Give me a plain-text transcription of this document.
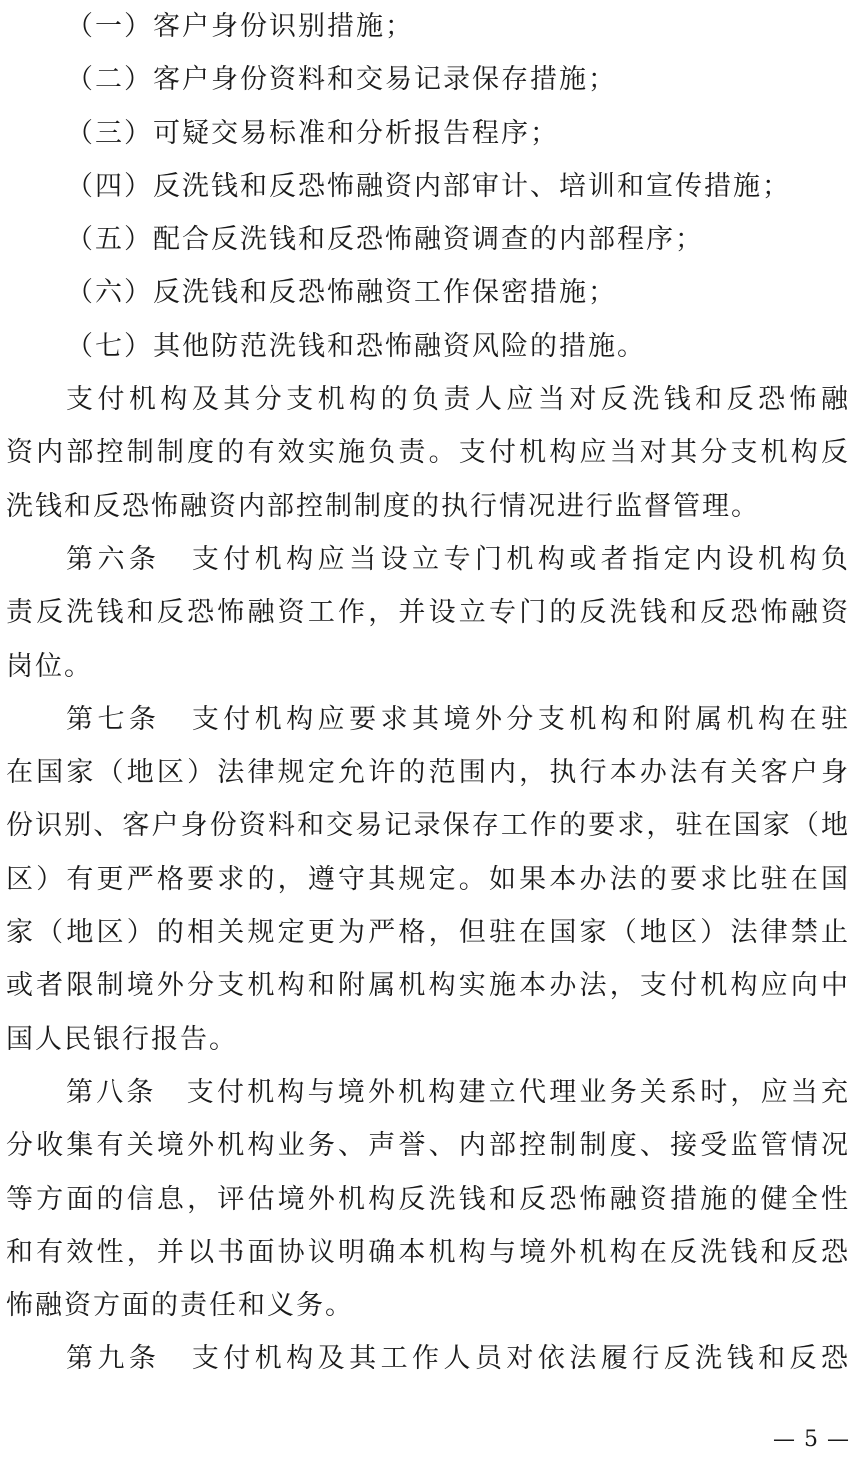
（一）客户身份识别措施；
（二）客户身份资料和交易记录保存措施；
（三）可疑交易标准和分析报告程序；
（四）反洗钱和反恐怖融资内部审计、培训和宣传措施；
（五）配合反洗钱和反恐怖融资调查的内部程序；
（六）反洗钱和反恐怖融资工作保密措施；
（七）其他防范洗钱和恐怖融资风险的措施。
支付机构及其分支机构的负责人应当对反洗钱和反恐怖融
资内部控制制度的有效实施负责。支付机构应当对其分支机构反
洗钱和反恐怖融资内部控制制度的执行情况进行监督管理。
第六条　支付机构应当设立专门机构或者指定内设机构负
责反洗钱和反恐怖融资工作，并设立专门的反洗钱和反恐怖融资
岗位。
第七条　支付机构应要求其境外分支机构和附属机构在驻
在国家（地区）法律规定允许的范围内，执行本办法有关客户身
份识别、客户身份资料和交易记录保存工作的要求，驻在国家（地
区）有更严格要求的，遵守其规定。如果本办法的要求比驻在国
家（地区）的相关规定更为严格，但驻在国家（地区）法律禁止
或者限制境外分支机构和附属机构实施本办法，支付机构应向中
国人民银行报告。
第八条　支付机构与境外机构建立代理业务关系时，应当充
分收集有关境外机构业务、声誉、内部控制制度、接受监管情况
等方面的信息，评估境外机构反洗钱和反恐怖融资措施的健全性
和有效性，并以书面协议明确本机构与境外机构在反洗钱和反恐
怖融资方面的责任和义务。
第九条　支付机构及其工作人员对依法履行反洗钱和反恐
— 5 —
